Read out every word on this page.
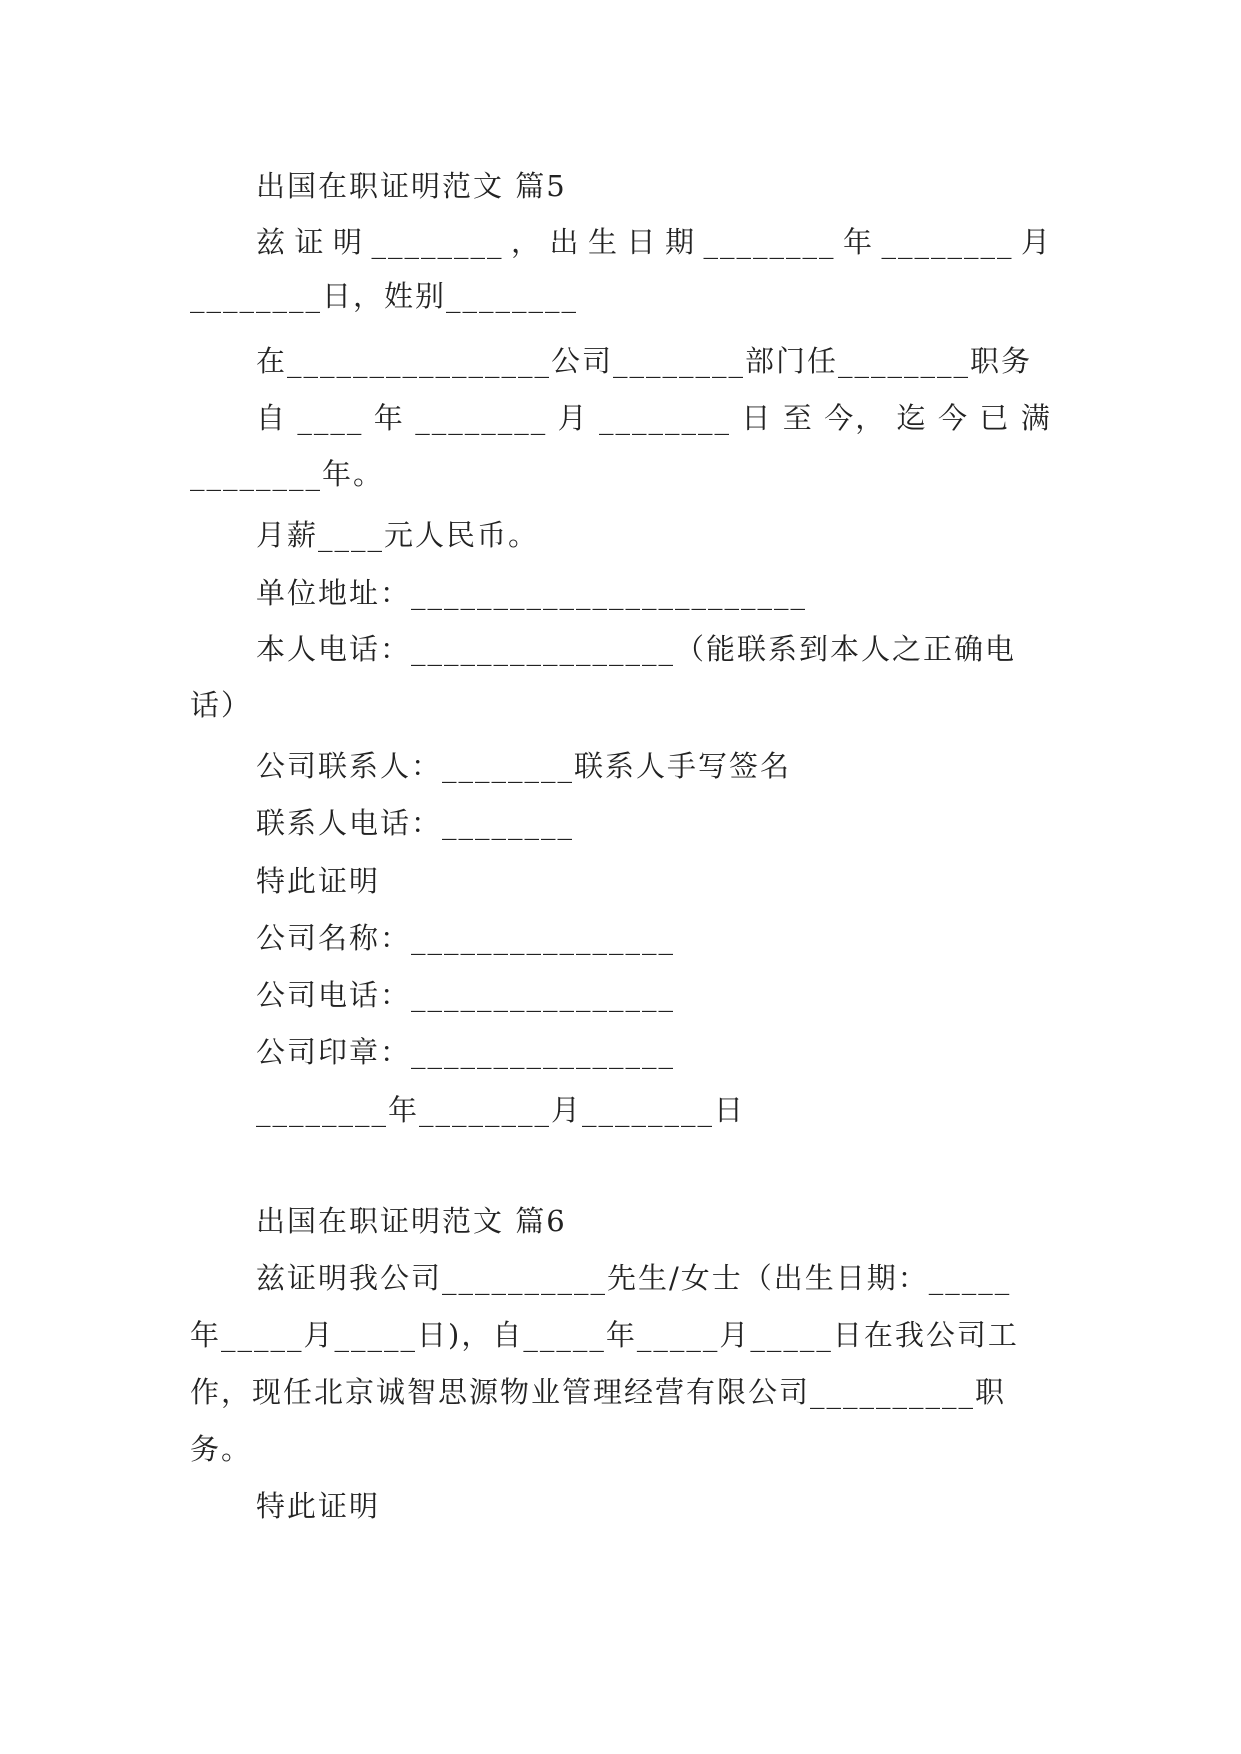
出国在职证明范文 篇5
兹 证 明 ________ ， 出 生 日 期 ________ 年 ________ 月
________日，姓别________
在________________公司________部门任________职务
自 ____ 年 ________ 月 ________ 日 至 今， 迄 今 已 满
________年。
月薪____元人民币。
单位地址：________________________
本人电话：________________（能联系到本人之正确电
话）
公司联系人：________联系人手写签名
联系人电话：________
特此证明
公司名称：________________
公司电话：________________
公司印章：________________
________年________月________日
出国在职证明范文 篇6
兹证明我公司__________先生/女士（出生日期：_____
年_____月_____日)，自_____年_____月_____日在我公司工
作，现任北京诚智思源物业管理经营有限公司__________职
务。
特此证明
